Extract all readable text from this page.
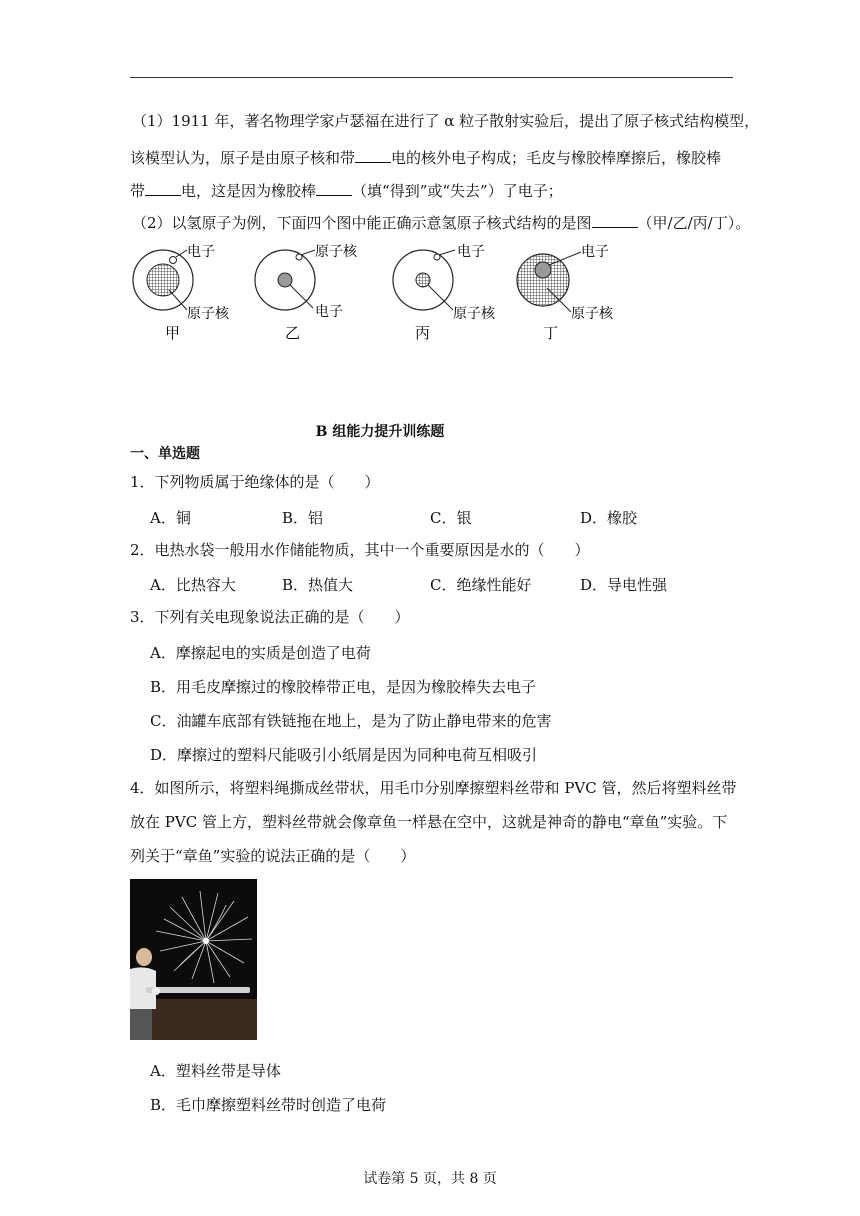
（1）1911 年，著名物理学家卢瑟福在进行了 α 粒子散射实验后，提出了原子核式结构模型，
该模型认为，原子是由原子核和带 电的核外电子构成；毛皮与橡胶棒摩擦后，橡胶棒
带 电，这是因为橡胶棒 （填“得到”或“失去”）了电子；
（2）以氢原子为例，下面四个图中能正确示意氢原子核式结构的是图	（甲/乙/丙/丁）。
电子
原子核
甲
原子核
电子
乙
电子
原子核
丙
电子
原子核
丁
B 组能力提升训练题
一、单选题
1．下列物质属于绝缘体的是（　　）
A．铜	B．铝	C．银	D．橡胶
2．电热水袋一般用水作储能物质，其中一个重要原因是水的（　　）
A．比热容大	B．热值大	C．绝缘性能好	D．导电性强
3．下列有关电现象说法正确的是（　　）
A．摩擦起电的实质是创造了电荷
B．用毛皮摩擦过的橡胶棒带正电，是因为橡胶棒失去电子
C．油罐车底部有铁链拖在地上，是为了防止静电带来的危害
D．摩擦过的塑料尺能吸引小纸屑是因为同种电荷互相吸引
4．如图所示，将塑料绳撕成丝带状，用毛巾分别摩擦塑料丝带和 PVC 管，然后将塑料丝带
放在 PVC 管上方，塑料丝带就会像章鱼一样悬在空中，这就是神奇的静电“章鱼”实验。下
列关于“章鱼”实验的说法正确的是（　　）
A．塑料丝带是导体
B．毛巾摩擦塑料丝带时创造了电荷
试卷第 5 页，共 8 页
